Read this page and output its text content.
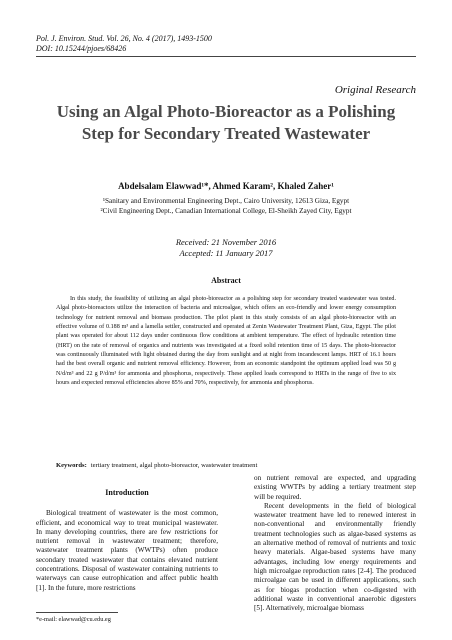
Pol. J. Environ. Stud. Vol. 26, No. 4 (2017), 1493-1500
DOI: 10.15244/pjoes/68426
Original Research
Using an Algal Photo-Bioreactor as a Polishing
Step for Secondary Treated Wastewater
Abdelsalam Elawwad¹*, Ahmed Karam², Khaled Zaher¹
¹Sanitary and Environmental Engineering Dept., Cairo University, 12613 Giza, Egypt
²Civil Engineering Dept., Canadian International College, El-Sheikh Zayed City, Egypt
Received: 21 November 2016
Accepted: 11 January 2017
Abstract

In this study, the feasibility of utilizing an algal photo-bioreactor as a polishing step for secondary treated wastewater was tested. Algal photo-bioreactors utilize the interaction of bacteria and microalgae, which offers an eco-friendly and lower energy consumption technology for nutrient removal and biomass production. The pilot plant in this study consists of an algal photo-bioreactor with an effective volume of 0.188 m³ and a lamella settler, constructed and operated at Zenin Wastewater Treatment Plant, Giza, Egypt. The pilot plant was operated for about 112 days under continuous flow conditions at ambient temperature. The effect of hydraulic retention time (HRT) on the rate of removal of organics and nutrients was investigated at a fixed solid retention time of 15 days. The photo-bioreactor was continuously illuminated with light obtained during the day from sunlight and at night from incandescent lamps. HRT of 16.1 hours had the best overall organic and nutrient removal efficiency. However, from an economic standpoint the optimum applied load was 50 g N/d/m³ and 22 g P/d/m³ for ammonia and phosphorus, respectively. These applied loads correspond to HRTs in the range of five to six hours and expected removal efficiencies above 85% and 70%, respectively, for ammonia and phosphorus.

Keywords: tertiary treatment, algal photo-bioreactor, wastewater treatment
Introduction

Biological treatment of wastewater is the most common, efficient, and economical way to treat municipal wastewater. In many developing countries, there are few restrictions for nutrient removal in wastewater treatment; therefore, wastewater treatment plants (WWTPs) often produce secondary treated wastewater that contains elevated nutrient concentrations. Disposal of wastewater containing nutrients to waterways can cause eutrophication and affect public health [1]. In the future, more restrictions

on nutrient removal are expected, and upgrading existing WWTPs by adding a tertiary treatment step will be required.

Recent developments in the field of biological wastewater treatment have led to renewed interest in non-conventional and environmentally friendly treatment technologies such as algae-based systems as an alternative method of removal of nutrients and toxic heavy materials. Algae-based systems have many advantages, including low energy requirements and high microalgae reproduction rates [2-4]. The produced microalgae can be used in different applications, such as for biogas production when co-digested with additional waste in conventional anaerobic digesters [5]. Alternatively, microalgae biomass

*e-mail: elawwad@cu.edu.eg
